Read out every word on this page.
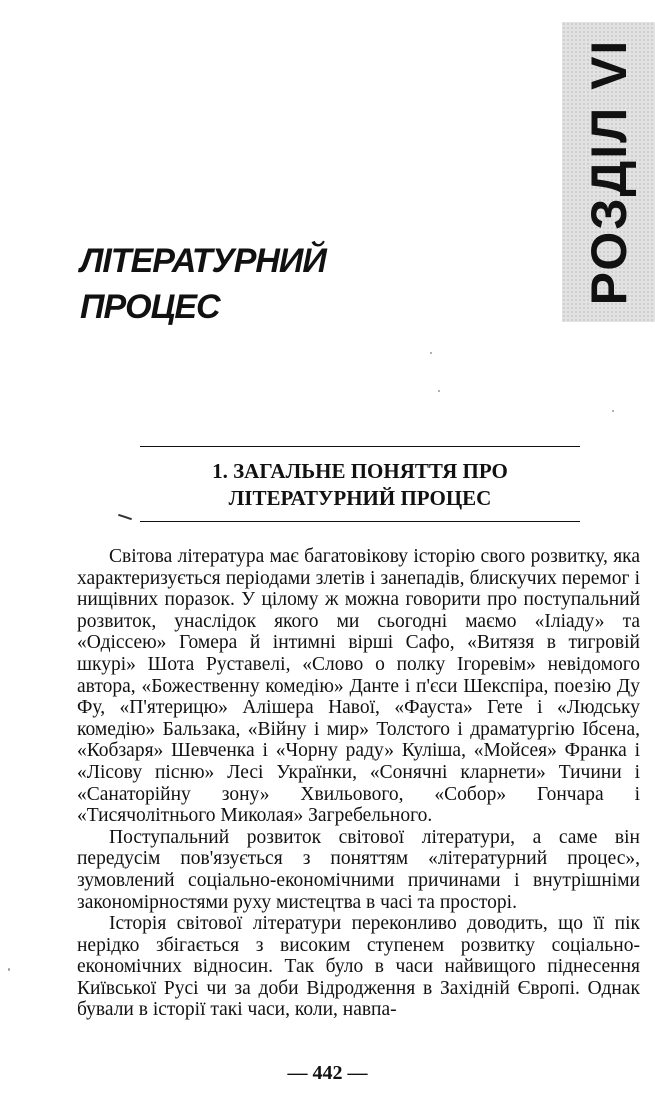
РОЗДІЛ VI
ЛІТЕРАТУРНИЙ
ПРОЦЕС
1. ЗАГАЛЬНЕ ПОНЯТТЯ ПРО
ЛІТЕРАТУРНИЙ ПРОЦЕС

Світова література має багатовікову історію свого розвитку, яка характеризується періодами злетів і занепадів, блискучих перемог і нищівних поразок. У цілому ж можна говорити про поступальний розвиток, унаслідок якого ми сьогодні маємо «Іліаду» та «Одіссею» Гомера й інтимні вірші Сафо, «Витязя в тигровій шкурі» Шота Руставелі, «Слово о полку Ігоревім» невідомого автора, «Божественну комедію» Данте і п'єси Шекспіра, поезію Ду Фу, «П'ятерицю» Алішера Навої, «Фауста» Гете і «Людську комедію» Бальзака, «Війну і мир» Толстого і драматургію Ібсена, «Кобзаря» Шевченка і «Чорну раду» Куліша, «Мойсея» Франка і «Лісову пісню» Лесі Українки, «Сонячні кларнети» Тичини і «Санаторійну зону» Хвильового, «Собор» Гончара і «Тисячолітнього Миколая» Загребельного.

Поступальний розвиток світової літератури, а саме він передусім пов'язується з поняттям «літературний процес», зумовлений соціально-економічними причинами і внутрішніми закономірностями руху мистецтва в часі та просторі.

Історія світової літератури переконливо доводить, що її пік нерідко збігається з високим ступенем розвитку соціально-економічних відносин. Так було в часи найвищого піднесення Київської Русі чи за доби Відродження в Західній Європі. Однак бували в історії такі часи, коли, навпа-

— 442 —
